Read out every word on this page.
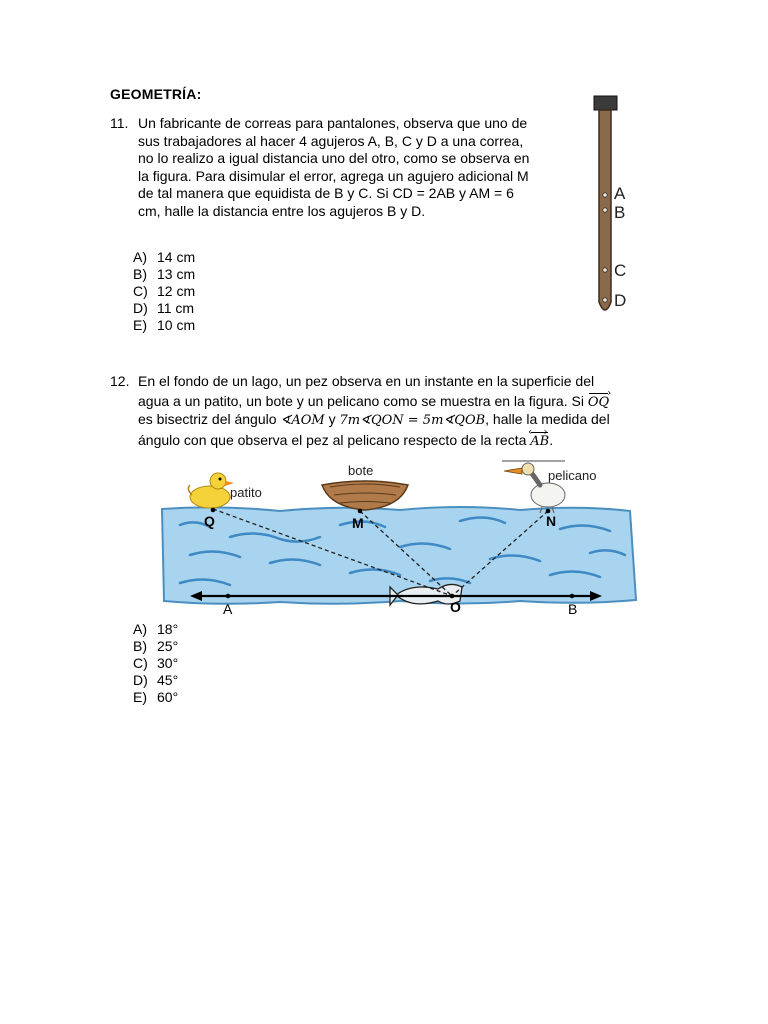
GEOMETRÍA:
11. Un fabricante de correas para pantalones, observa que uno de
sus trabajadores al hacer 4 agujeros A, B, C y D a una correa,
no lo realizo a igual distancia uno del otro, como se observa en
la figura. Para disimular el error, agrega un agujero adicional M
de tal manera que equidista de B y C. Si CD = 2AB y AM = 6
cm, halle la distancia entre los agujeros B y D.
A) 14 cm
B) 13 cm
C) 12 cm
D) 11 cm
E) 10 cm
A
B
C
D
12. En el fondo de un lago, un pez observa en un instante en la superficie del
agua a un patito, un bote y un pelicano como se muestra en la figura. Si OQ ›
es bisectriz del ángulo ∢AOM y 7m∢QON = 5m∢QOB, halle la medida del
ángulo con que observa el pez al pelicano respecto de la recta AB ‹ ›.
patito
bote	pelicano
Q	M	N
A	O	B
A) 18°
B) 25°
C) 30°
D) 45°
E) 60°
